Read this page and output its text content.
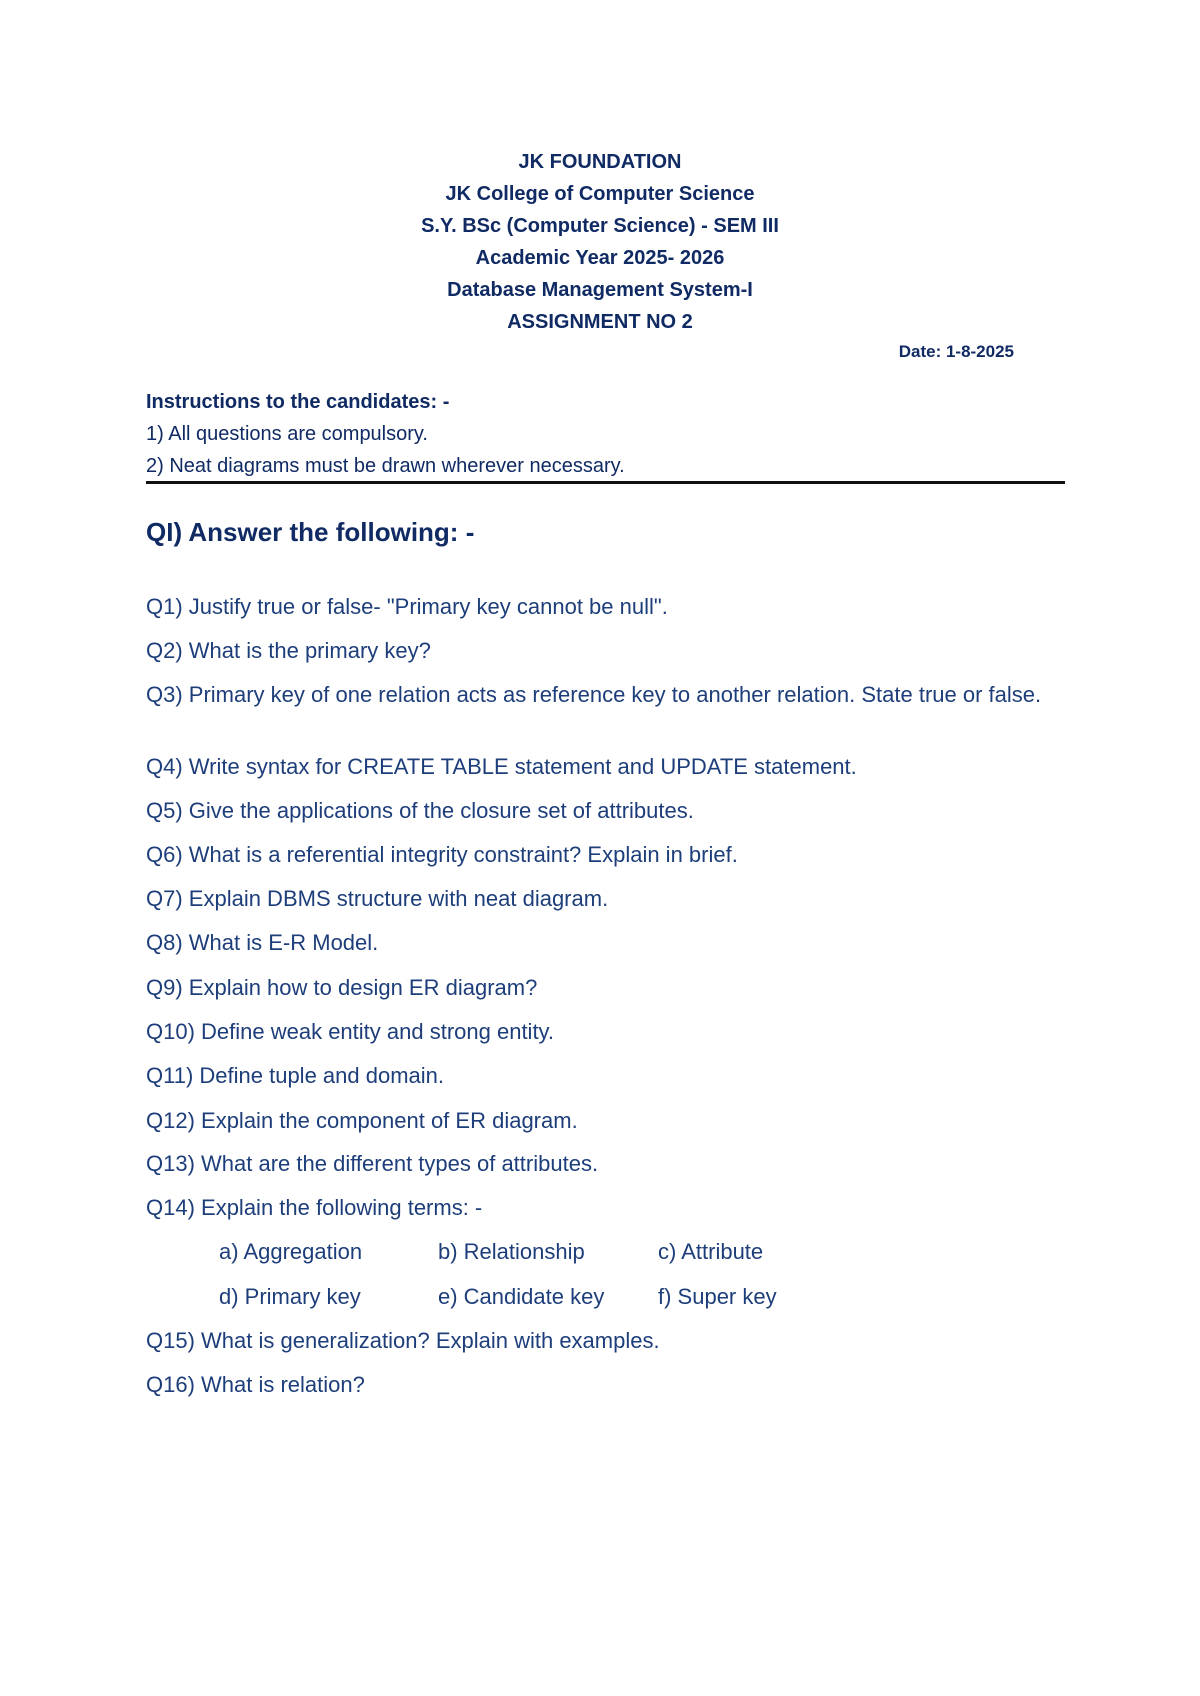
JK FOUNDATION
JK College of Computer Science
S.Y. BSc (Computer Science) - SEM III
Academic Year 2025- 2026
Database Management System-I
ASSIGNMENT NO 2
Date: 1-8-2025
Instructions to the candidates: -
1) All questions are compulsory.
2) Neat diagrams must be drawn wherever necessary.
QI) Answer the following: -
Q1) Justify true or false- "Primary key cannot be null".
Q2) What is the primary key?
Q3) Primary key of one relation acts as reference key to another relation. State true or false.
Q4) Write syntax for CREATE TABLE statement and UPDATE statement.
Q5) Give the applications of the closure set of attributes.
Q6) What is a referential integrity constraint? Explain in brief.
Q7) Explain DBMS structure with neat diagram.
Q8) What is E-R Model.
Q9) Explain how to design ER diagram?
Q10) Define weak entity and strong entity.
Q11) Define tuple and domain.
Q12) Explain the component of ER diagram.
Q13) What are the different types of attributes.
Q14) Explain the following terms: -
a) Aggregation	b) Relationship	c) Attribute
d) Primary key	e) Candidate key f) Super key
Q15) What is generalization? Explain with examples.
Q16) What is relation?
